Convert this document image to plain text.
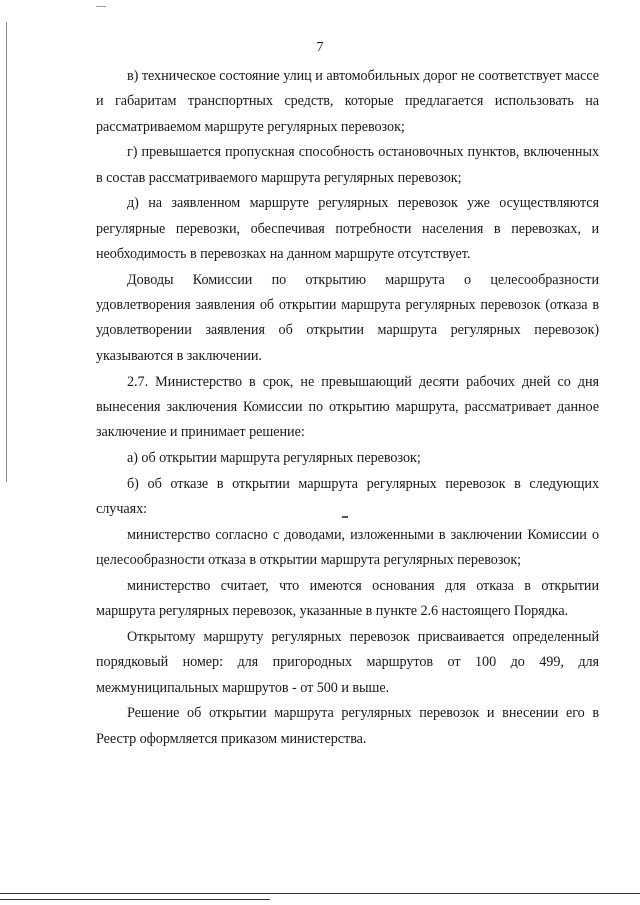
7

в) техническое состояние улиц и автомобильных дорог не соответствует массе и габаритам транспортных средств, которые предлагается использовать на рассматриваемом маршруте регулярных перевозок;

г) превышается пропускная способность остановочных пунктов, включенных в состав рассматриваемого маршрута регулярных перевозок;

д) на заявленном маршруте регулярных перевозок уже осуществляются регулярные перевозки, обеспечивая потребности населения в перевозках, и необходимость в перевозках на данном маршруте отсутствует.

Доводы Комиссии по открытию маршрута о целесообразности удовлетворения заявления об открытии маршрута регулярных перевозок (отказа в удовлетворении заявления об открытии маршрута регулярных перевозок) указываются в заключении.

2.7. Министерство в срок, не превышающий десяти рабочих дней со дня вынесения заключения Комиссии по открытию маршрута, рассматривает данное заключение и принимает решение:

а) об открытии маршрута регулярных перевозок;

б) об отказе в открытии маршрута регулярных перевозок в следующих случаях:

министерство согласно с доводами, изложенными в заключении Комиссии о целесообразности отказа в открытии маршрута регулярных перевозок;

министерство считает, что имеются основания для отказа в открытии маршрута регулярных перевозок, указанные в пункте 2.6 настоящего Порядка.

Открытому маршруту регулярных перевозок присваивается определенный порядковый номер: для пригородных маршрутов от 100 до 499, для межмуниципальных маршрутов - от 500 и выше.

Решение об открытии маршрута регулярных перевозок и внесении его в Реестр оформляется приказом министерства.
